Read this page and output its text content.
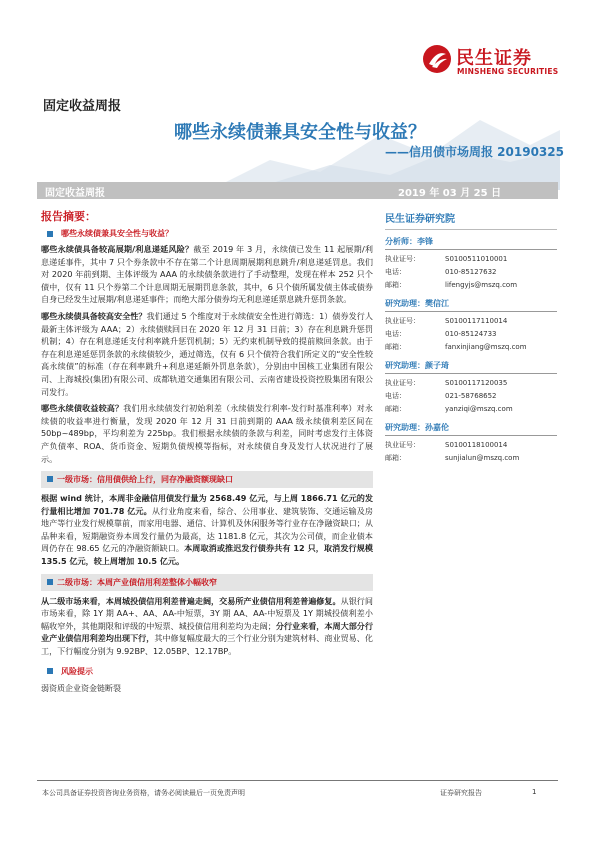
民生证券
MINSHENG SECURITIES
固定收益周报
哪些永续债兼具安全性与收益？
——信用债市场周报 20190325
固定收益周报	2019 年 03 月 25 日
报告摘要：
哪些永续债兼具安全性与收益？
哪些永续债具备较高展期/利息递延风险？截至 2019 年 3 月，永续债已发生 11 起展期/利息递延事件，其中 7 只个券条款中不存在第二个计息周期展期利息跳升/利息递延罚息。我们对 2020 年前到期、主体评级为 AAA 的永续债条款进行了手动整理，发现在样本 252 只个债中，仅有 11 只个券第二个计息周期无展期罚息条款，其中，6 只个债所属发债主体或债券自身已经发生过展期/利息递延事件；而绝大部分债券均无利息递延票息跳升惩罚条款。
哪些永续债具备较高安全性？我们通过 5 个维度对于永续债安全性进行筛选：1）债券发行人最新主体评级为 AAA；2）永续债赎回日在 2020 年 12 月 31 日前；3）存在利息跳升惩罚机制；4）存在利息递延支付利率跳升惩罚机制；5）无约束机制导致的提前赎回条款。由于存在利息递延惩罚条款的永续债较少，通过筛选，仅有 6 只个债符合我们所定义的“安全性较高永续债”的标准（存在利率跳升+利息递延额外罚息条款），分别由中国核工业集团有限公司、上海城投(集团)有限公司、成都轨道交通集团有限公司、云南省建设投资控股集团有限公司发行。
哪些永续债收益较高？我们用永续债发行初始利差（永续债发行利率-发行时基准利率）对永续债的收益率进行衡量，发现 2020 年 12 月 31 日前到期的 AAA 级永续债利差区间在 50bp~489bp，平均利差为 225bp。我们根据永续债的条款与利差，同时考虑发行主体资产负债率、ROA、货币资金、短期负债规模等指标，对永续债自身及发行人状况进行了展示。
一级市场：信用债供给上行，同存净融资额现缺口
根据 wind 统计，本周非金融信用债发行量为 2568.49 亿元，与上周 1866.71 亿元的发行量相比增加 701.78 亿元。从行业角度来看，综合、公用事业、建筑装饰、交通运输及房地产等行业发行规模靠前，而家用电器、通信、计算机及休闲服务等行业存在净融资缺口；从品种来看，短期融资券本周发行量仍为最高，达 1181.8 亿元，其次为公司债，而企业债本周仍存在 98.65 亿元的净融资额缺口。本周取消或推迟发行债券共有 12 只，取消发行规模 135.5 亿元，较上周增加 10.5 亿元。
二级市场：本周产业债信用利差整体小幅收窄
从二级市场来看，本周城投债信用利差普遍走阔，交易所产业债信用利差普遍修复。从银行间市场来看，除 1Y 期 AA+、AA、AA-中短票，3Y 期 AA、AA-中短票及 1Y 期城投债利差小幅收窄外，其他期限和评级的中短票、城投债信用利差均为走阔；分行业来看，本周大部分行业产业债信用利差均出现下行，其中修复幅度最大的三个行业分别为建筑材料、商业贸易、化工，下行幅度分别为 9.92BP、12.05BP、12.17BP。
风险提示
弱资质企业资金链断裂
民生证券研究院
分析师：李锋
执业证号：	S0100511010001
电话：	010-85127632
邮箱：	lifengyjs@mszq.com
研究助理：樊信江
执业证号：	S0100117110014
电话：	010-85124733
邮箱：	fanxinjiang@mszq.com
研究助理：颜子琦
执业证号：	S0100117120035
电话：	021-58768652
邮箱：	yanziqi@mszq.com
研究助理：孙嘉伦
执业证号：	S0100118100014
邮箱：	sunjialun@mszq.com
本公司具备证券投资咨询业务资格，请务必阅读最后一页免责声明	证券研究报告	1
